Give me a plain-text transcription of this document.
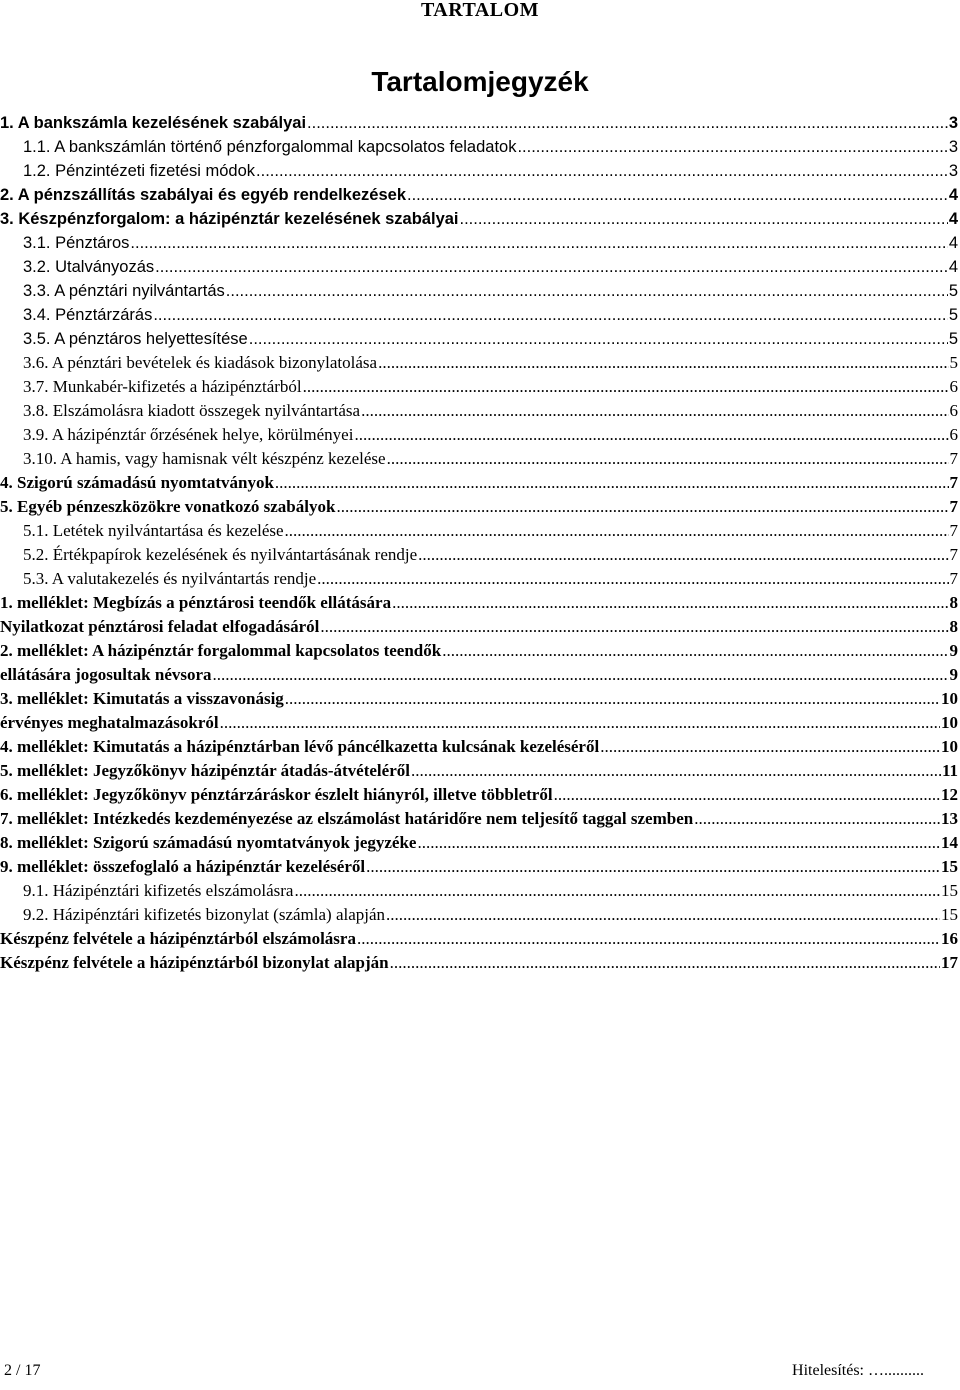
TARTALOM
Tartalomjegyzék
1. A bankszámla kezelésének szabályai .....	3
1.1. A bankszámlán történő pénzforgalommal kapcsolatos feladatok .....	3
1.2. Pénzintézeti fizetési módok .....	3
2. A pénzszállítás szabályai és egyéb rendelkezések .....	4
3. Készpénzforgalom: a házipénztár kezelésének szabályai .....	4
3.1. Pénztáros .....	4
3.2. Utalványozás .....	4
3.3. A pénztári nyilvántartás .....	5
3.4. Pénztárzárás .....	5
3.5. A pénztáros helyettesítése .....	5
3.6. A pénztári bevételek és kiadások bizonylatolása .....	5
3.7. Munkabér-kifizetés a házipénztárból .....	6
3.8. Elszámolásra kiadott összegek nyilvántartása .....	6
3.9. A házipénztár őrzésének helye, körülményei .....	6
3.10. A hamis, vagy hamisnak vélt készpénz kezelése .....	7
4. Szigorú számadású nyomtatványok .....	7
5. Egyéb pénzeszközökre vonatkozó szabályok .....	7
5.1. Letétek nyilvántartása és kezelése .....	7
5.2. Értékpapírok kezelésének és nyilvántartásának rendje .....	7
5.3. A valutakezelés és nyilvántartás rendje .....	7
1. melléklet: Megbízás a pénztárosi teendők ellátására .....	8
Nyilatkozat pénztárosi feladat elfogadásáról .....	8
2. melléklet: A házipénztár forgalommal kapcsolatos teendők .....	9
ellátására jogosultak névsora .....	9
3. melléklet: Kimutatás a visszavonásig .....	10
érvényes meghatalmazásokról .....	10
4. melléklet: Kimutatás a házipénztárban lévő páncélkazetta kulcsának kezeléséről .....	10
5. melléklet: Jegyzőkönyv házipénztár átadás-átvételéről .....	11
6. melléklet: Jegyzőkönyv pénztárzáráskor észlelt hiányról, illetve többletről .....	12
7. melléklet: Intézkedés kezdeményezése az elszámolást határidőre nem teljesítő taggal szemben .....	13
8. melléklet: Szigorú számadású nyomtatványok jegyzéke .....	14
9. melléklet: összefoglaló a házipénztár kezeléséről .....	15
9.1. Házipénztári kifizetés elszámolásra .....	15
9.2. Házipénztári kifizetés bizonylat (számla) alapján .....	15
Készpénz felvétele a házipénztárból elszámolásra .....	16
Készpénz felvétele a házipénztárból bizonylat alapján .....	17
2 / 17	Hitelesítés: …..........
